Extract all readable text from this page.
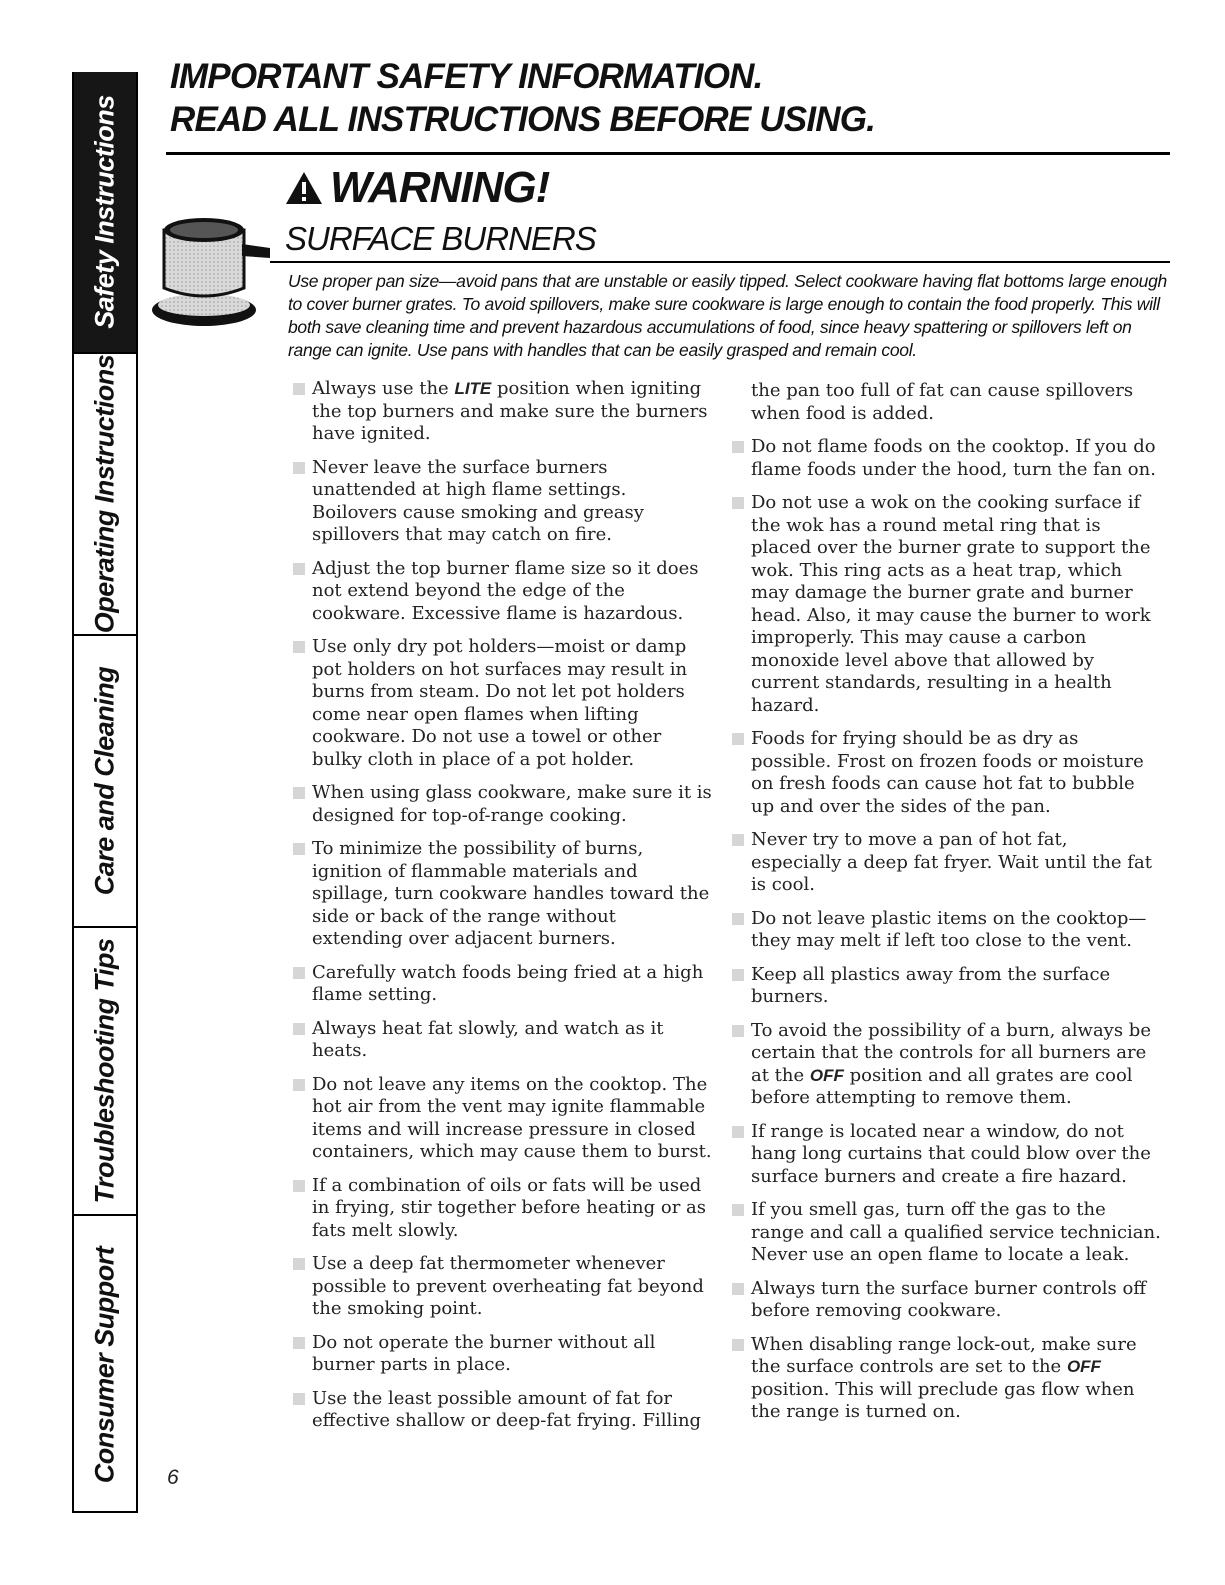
Safety Instructions
Operating Instructions
Care and Cleaning
Troubleshooting Tips
Consumer Support
IMPORTANT SAFETY INFORMATION.
READ ALL INSTRUCTIONS BEFORE USING.
WARNING!
SURFACE BURNERS
Use proper pan size—avoid pans that are unstable or easily tipped. Select cookware having flat bottoms large enough to cover burner grates. To avoid spillovers, make sure cookware is large enough to contain the food properly. This will both save cleaning time and prevent hazardous accumulations of food, since heavy spattering or spillovers left on range can ignite. Use pans with handles that can be easily grasped and remain cool.
Always use the LITE position when igniting the top burners and make sure the burners have ignited.
Never leave the surface burners unattended at high flame settings. Boilovers cause smoking and greasy spillovers that may catch on fire.
Adjust the top burner flame size so it does not extend beyond the edge of the cookware. Excessive flame is hazardous.
Use only dry pot holders—moist or damp pot holders on hot surfaces may result in burns from steam. Do not let pot holders come near open flames when lifting cookware. Do not use a towel or other bulky cloth in place of a pot holder.
When using glass cookware, make sure it is designed for top-of-range cooking.
To minimize the possibility of burns, ignition of flammable materials and spillage, turn cookware handles toward the side or back of the range without extending over adjacent burners.
Carefully watch foods being fried at a high flame setting.
Always heat fat slowly, and watch as it heats.
Do not leave any items on the cooktop. The hot air from the vent may ignite flammable items and will increase pressure in closed containers, which may cause them to burst.
If a combination of oils or fats will be used in frying, stir together before heating or as fats melt slowly.
Use a deep fat thermometer whenever possible to prevent overheating fat beyond the smoking point.
Do not operate the burner without all burner parts in place.
Use the least possible amount of fat for effective shallow or deep-fat frying. Filling
the pan too full of fat can cause spillovers when food is added.
Do not flame foods on the cooktop. If you do flame foods under the hood, turn the fan on.
Do not use a wok on the cooking surface if the wok has a round metal ring that is placed over the burner grate to support the wok. This ring acts as a heat trap, which may damage the burner grate and burner head. Also, it may cause the burner to work improperly. This may cause a carbon monoxide level above that allowed by current standards, resulting in a health hazard.
Foods for frying should be as dry as possible. Frost on frozen foods or moisture on fresh foods can cause hot fat to bubble up and over the sides of the pan.
Never try to move a pan of hot fat, especially a deep fat fryer. Wait until the fat is cool.
Do not leave plastic items on the cooktop—they may melt if left too close to the vent.
Keep all plastics away from the surface burners.
To avoid the possibility of a burn, always be certain that the controls for all burners are at the OFF position and all grates are cool before attempting to remove them.
If range is located near a window, do not hang long curtains that could blow over the surface burners and create a fire hazard.
If you smell gas, turn off the gas to the range and call a qualified service technician. Never use an open flame to locate a leak.
Always turn the surface burner controls off before removing cookware.
When disabling range lock-out, make sure the surface controls are set to the OFF position. This will preclude gas flow when the range is turned on.
6
